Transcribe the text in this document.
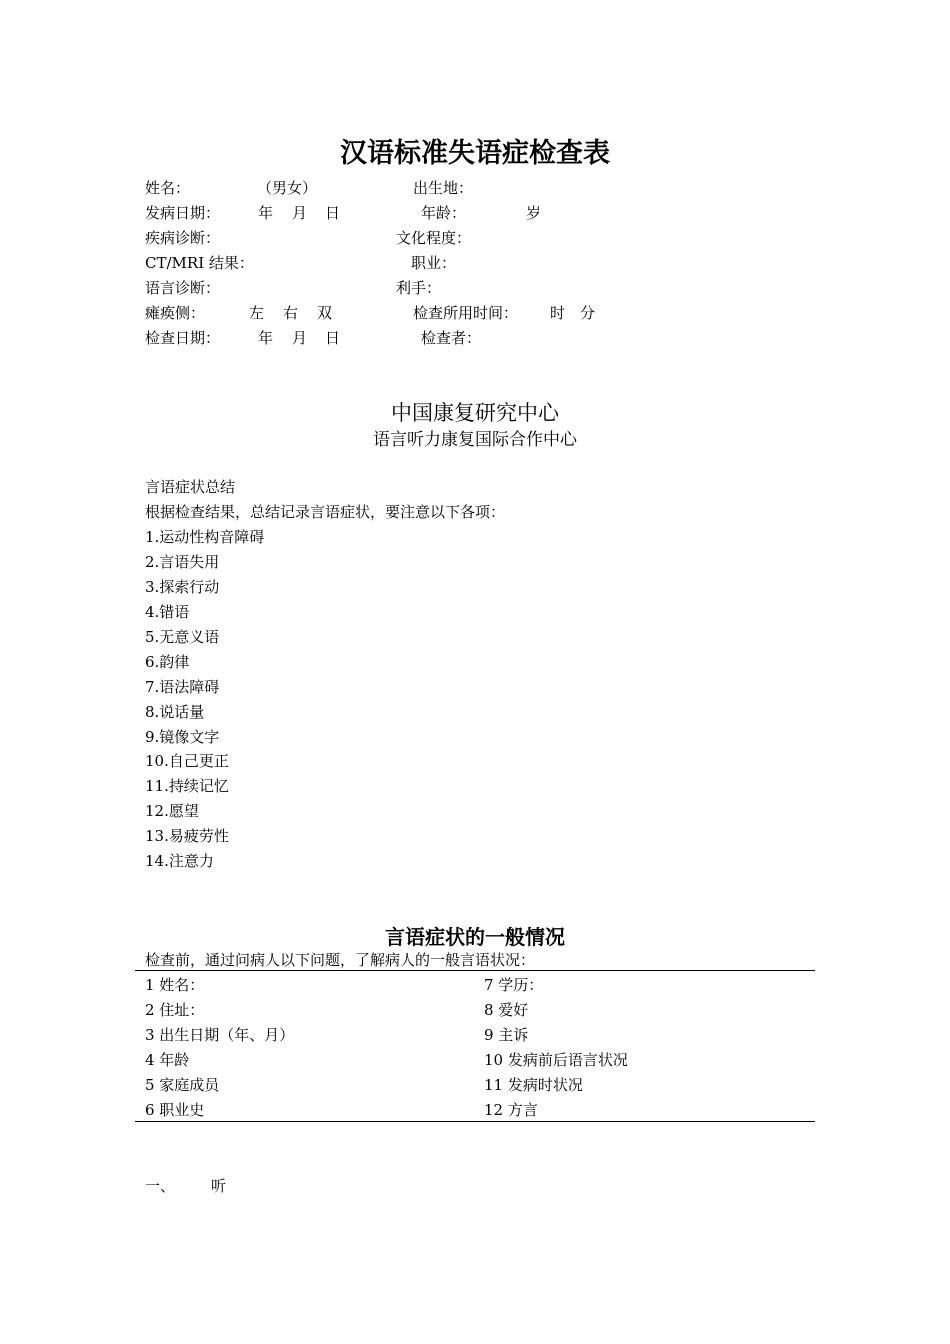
汉语标准失语症检查表
姓名：	（男女）	出生地：
发病日期：	年 月 日	年龄：	岁
疾病诊断：	文化程度：
CT/MRI 结果：	职业：
语言诊断：	利手：
瘫痪侧：	左 右 双	检查所用时间： 时 分
检查日期：	年 月 日	检查者：
中国康复研究中心
语言听力康复国际合作中心
言语症状总结
根据检查结果，总结记录言语症状，要注意以下各项：
1.运动性构音障碍
2.言语失用
3.探索行动
4.错语
5.无意义语
6.韵律
7.语法障碍
8.说话量
9.镜像文字
10.自己更正
11.持续记忆
12.愿望
13.易疲劳性
14.注意力
言语症状的一般情况
检查前，通过问病人以下问题，了解病人的一般言语状况：
1 姓名：	7 学历：
2 住址：	8 爱好
3 出生日期（年、月）	9 主诉
4 年龄	10 发病前后语言状况
5 家庭成员	11 发病时状况
6 职业史	12 方言
一、 听
